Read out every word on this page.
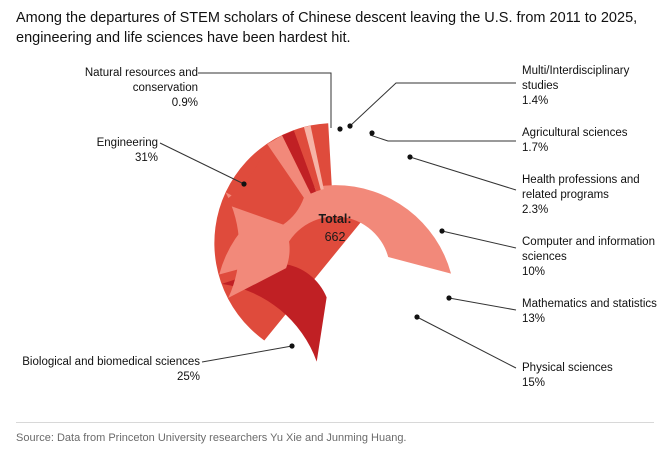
Among the departures of STEM scholars of Chinese descent leaving the U.S. from 2011 to 2025, engineering and life sciences have been hardest hit.
Total:
662
Natural resources and conservation
0.9%
Engineering
31%
Biological and biomedical sciences
25%
Multi/Interdisciplinary studies
1.4%
Agricultural sciences
1.7%
Health professions and related programs
2.3%
Computer and information sciences
10%
Mathematics and statistics
13%
Physical sciences
15%
Source: Data from Princeton University researchers Yu Xie and Junming Huang.
